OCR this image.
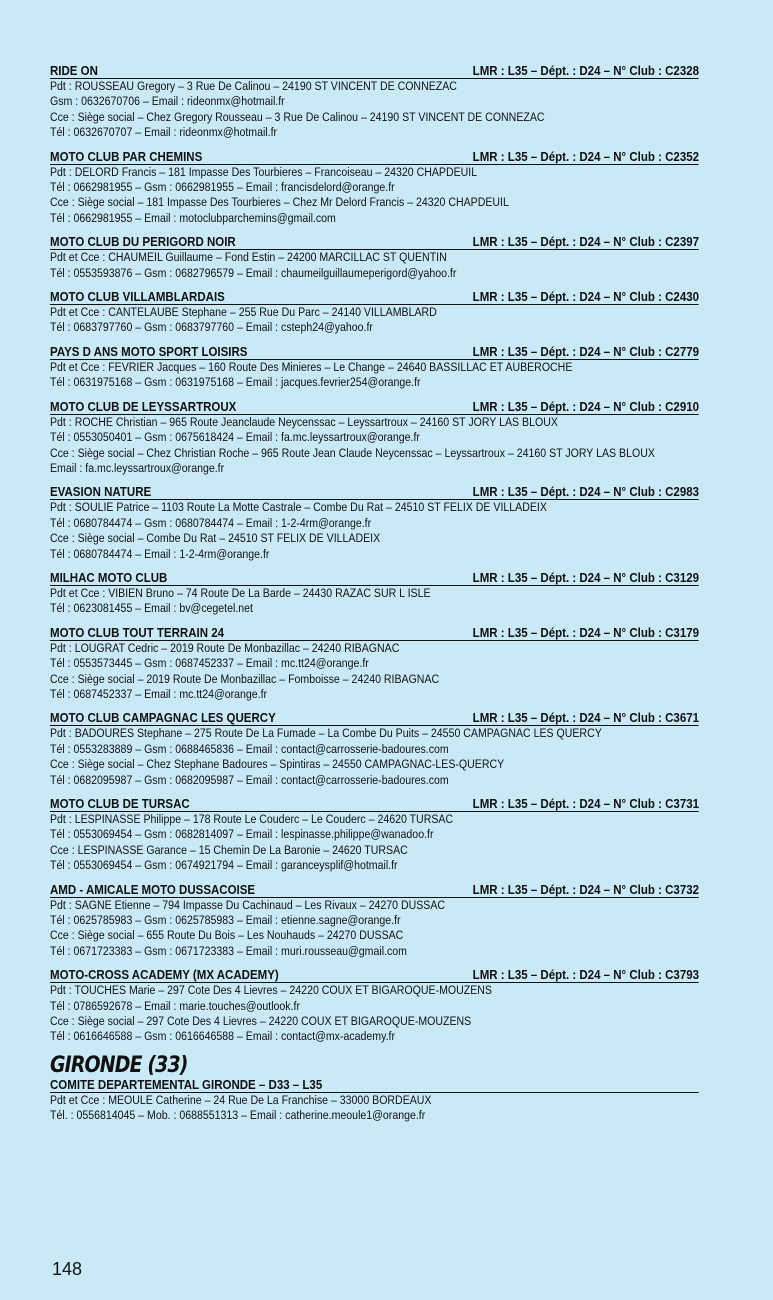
RIDE ON	LMR : L35 – Dépt. : D24 – N° Club : C2328
Pdt : ROUSSEAU Gregory – 3 Rue De Calinou – 24190 ST VINCENT DE CONNEZAC
Gsm : 0632670706 – Email : rideonmx@hotmail.fr
Cce : Siège social – Chez Gregory Rousseau – 3 Rue De Calinou – 24190 ST VINCENT DE CONNEZAC
Tél : 0632670707 – Email : rideonmx@hotmail.fr
MOTO CLUB PAR CHEMINS	LMR : L35 – Dépt. : D24 – N° Club : C2352
Pdt : DELORD Francis – 181 Impasse Des Tourbieres – Francoiseau – 24320 CHAPDEUIL
Tél : 0662981955 – Gsm : 0662981955 – Email : francisdelord@orange.fr
Cce : Siège social – 181 Impasse Des Tourbieres – Chez Mr Delord Francis – 24320 CHAPDEUIL
Tél : 0662981955 – Email : motoclubparchemins@gmail.com
MOTO CLUB DU PERIGORD NOIR	LMR : L35 – Dépt. : D24 – N° Club : C2397
Pdt et Cce : CHAUMEIL Guillaume – Fond Estin – 24200 MARCILLAC ST QUENTIN
Tél : 0553593876 – Gsm : 0682796579 – Email : chaumeilguillaumeperigord@yahoo.fr
MOTO CLUB VILLAMBLARDAIS	LMR : L35 – Dépt. : D24 – N° Club : C2430
Pdt et Cce : CANTELAUBE Stephane – 255 Rue Du Parc – 24140 VILLAMBLARD
Tél : 0683797760 – Gsm : 0683797760 – Email : csteph24@yahoo.fr
PAYS D ANS MOTO SPORT LOISIRS	LMR : L35 – Dépt. : D24 – N° Club : C2779
Pdt et Cce : FEVRIER Jacques – 160 Route Des Minieres – Le Change – 24640 BASSILLAC ET AUBEROCHE
Tél : 0631975168 – Gsm : 0631975168 – Email : jacques.fevrier254@orange.fr
MOTO CLUB DE LEYSSARTROUX	LMR : L35 – Dépt. : D24 – N° Club : C2910
Pdt : ROCHE Christian – 965 Route Jeanclaude Neycenssac – Leyssartroux – 24160 ST JORY LAS BLOUX
Tél : 0553050401 – Gsm : 0675618424 – Email : fa.mc.leyssartroux@orange.fr
Cce : Siège social – Chez Christian Roche – 965 Route Jean Claude Neycenssac – Leyssartroux – 24160 ST JORY LAS BLOUX
Email : fa.mc.leyssartroux@orange.fr
EVASION NATURE	LMR : L35 – Dépt. : D24 – N° Club : C2983
Pdt : SOULIE Patrice – 1103 Route La Motte Castrale – Combe Du Rat – 24510 ST FELIX DE VILLADEIX
Tél : 0680784474 – Gsm : 0680784474 – Email : 1-2-4rm@orange.fr
Cce : Siège social – Combe Du Rat – 24510 ST FELIX DE VILLADEIX
Tél : 0680784474 – Email : 1-2-4rm@orange.fr
MILHAC MOTO CLUB	LMR : L35 – Dépt. : D24 – N° Club : C3129
Pdt et Cce : VIBIEN Bruno – 74 Route De La Barde – 24430 RAZAC SUR L ISLE
Tél : 0623081455 – Email : bv@cegetel.net
MOTO CLUB TOUT TERRAIN 24	LMR : L35 – Dépt. : D24 – N° Club : C3179
Pdt : LOUGRAT Cedric – 2019 Route De Monbazillac – 24240 RIBAGNAC
Tél : 0553573445 – Gsm : 0687452337 – Email : mc.tt24@orange.fr
Cce : Siège social – 2019 Route De Monbazillac – Fomboisse – 24240 RIBAGNAC
Tél : 0687452337 – Email : mc.tt24@orange.fr
MOTO CLUB CAMPAGNAC LES QUERCY	LMR : L35 – Dépt. : D24 – N° Club : C3671
Pdt : BADOURES Stephane – 275 Route De La Fumade – La Combe Du Puits – 24550 CAMPAGNAC LES QUERCY
Tél : 0553283889 – Gsm : 0688465836 – Email : contact@carrosserie-badoures.com
Cce : Siège social – Chez Stephane Badoures – Spintiras – 24550 CAMPAGNAC-LES-QUERCY
Tél : 0682095987 – Gsm : 0682095987 – Email : contact@carrosserie-badoures.com
MOTO CLUB DE TURSAC	LMR : L35 – Dépt. : D24 – N° Club : C3731
Pdt : LESPINASSE Philippe – 178 Route Le Couderc – Le Couderc – 24620 TURSAC
Tél : 0553069454 – Gsm : 0682814097 – Email : lespinasse.philippe@wanadoo.fr
Cce : LESPINASSE Garance – 15 Chemin De La Baronie – 24620 TURSAC
Tél : 0553069454 – Gsm : 0674921794 – Email : garanceysplif@hotmail.fr
AMD - AMICALE MOTO DUSSACOISE	LMR : L35 – Dépt. : D24 – N° Club : C3732
Pdt : SAGNE Etienne – 794 Impasse Du Cachinaud – Les Rivaux – 24270 DUSSAC
Tél : 0625785983 – Gsm : 0625785983 – Email : etienne.sagne@orange.fr
Cce : Siège social – 655 Route Du Bois – Les Nouhauds – 24270 DUSSAC
Tél : 0671723383 – Gsm : 0671723383 – Email : muri.rousseau@gmail.com
MOTO-CROSS ACADEMY (MX ACADEMY)	LMR : L35 – Dépt. : D24 – N° Club : C3793
Pdt : TOUCHES Marie – 297 Cote Des 4 Lievres – 24220 COUX ET BIGAROQUE-MOUZENS
Tél : 0786592678 – Email : marie.touches@outlook.fr
Cce : Siège social – 297 Cote Des 4 Lievres – 24220 COUX ET BIGAROQUE-MOUZENS
Tél : 0616646588 – Gsm : 0616646588 – Email : contact@mx-academy.fr
GIRONDE (33)
COMITE DEPARTEMENTAL GIRONDE – D33 – L35
Pdt et Cce : MEOULE Catherine – 24 Rue De La Franchise – 33000 BORDEAUX
Tél. : 0556814045 – Mob. : 0688551313 – Email : catherine.meoule1@orange.fr
148
